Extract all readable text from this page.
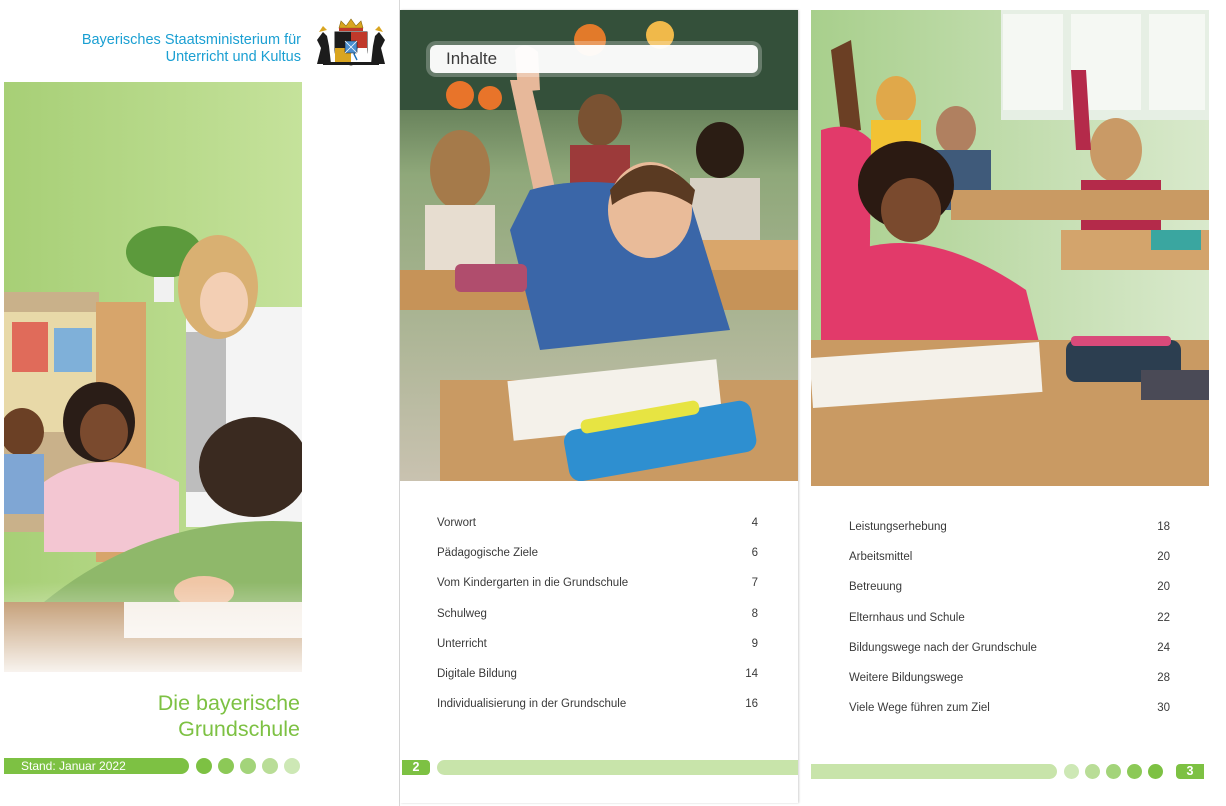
Bayerisches Staatsministerium für
Unterricht und Kultus
Die bayerische
Grundschule
Stand: Januar 2022
Inhalte
Vorwort	4
Pädagogische Ziele	6
Vom Kindergarten in die Grundschule	7
Schulweg	8
Unterricht	9
Digitale Bildung	14
Individualisierung in der Grundschule	16
2
Leistungserhebung	18
Arbeitsmittel	20
Betreuung	20
Elternhaus und Schule	22
Bildungswege nach der Grundschule	24
Weitere Bildungswege	28
Viele Wege führen zum Ziel	30
3
